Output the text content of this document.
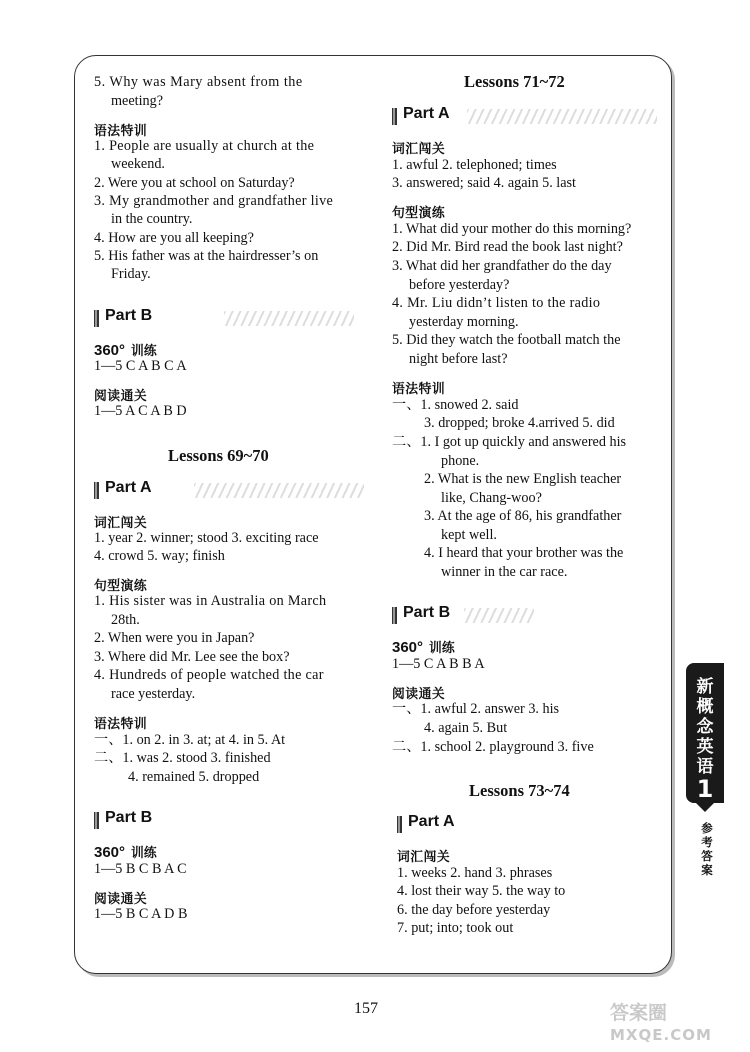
5. Why was Mary absent from the
meeting?
语法特训
1. People are usually at church at the
weekend.
2. Were you at school on Saturday?
3. My grandmother and grandfather live
in the country.
4. How are you all keeping?
5. His father was at the hairdresser’s on
Friday.
Part B
360° 训练
1—5 C A B C A
阅读通关
1—5 A C A B D
Lessons 69~70
Part A
词汇闯关
1. year 2. winner; stood 3. exciting race
4. crowd 5. way; finish
句型演练
1. His sister was in Australia on March
28th.
2. When were you in Japan?
3. Where did Mr. Lee see the box?
4. Hundreds of people watched the car
race yesterday.
语法特训
一、1. on 2. in 3. at; at 4. in 5. At
二、1. was 2. stood 3. finished
4. remained 5. dropped
Part B
360° 训练
1—5 B C B A C
阅读通关
1—5 B C A D B
Lessons 71~72
Part A
词汇闯关
1. awful 2. telephoned; times
3. answered; said 4. again 5. last
句型演练
1. What did your mother do this morning?
2. Did Mr. Bird read the book last night?
3. What did her grandfather do the day
before yesterday?
4. Mr. Liu didn’t listen to the radio
yesterday morning.
5. Did they watch the football match the
night before last?
语法特训
一、1. snowed 2. said
3. dropped; broke 4.arrived 5. did
二、1. I got up quickly and answered his
phone.
2. What is the new English teacher
like, Chang-woo?
3. At the age of 86, his grandfather
kept well.
4. I heard that your brother was the
winner in the car race.
Part B
360° 训练
1—5 C A B B A
阅读通关
一、1. awful 2. answer 3. his
4. again 5. But
二、1. school 2. playground 3. five
Lessons 73~74
Part A
词汇闯关
1. weeks 2. hand 3. phrases
4. lost their way 5. the way to
6. the day before yesterday
7. put; into; took out
新
概
念
英
语
1
参
考
答
案
157	答案圈
MXQE.COM
